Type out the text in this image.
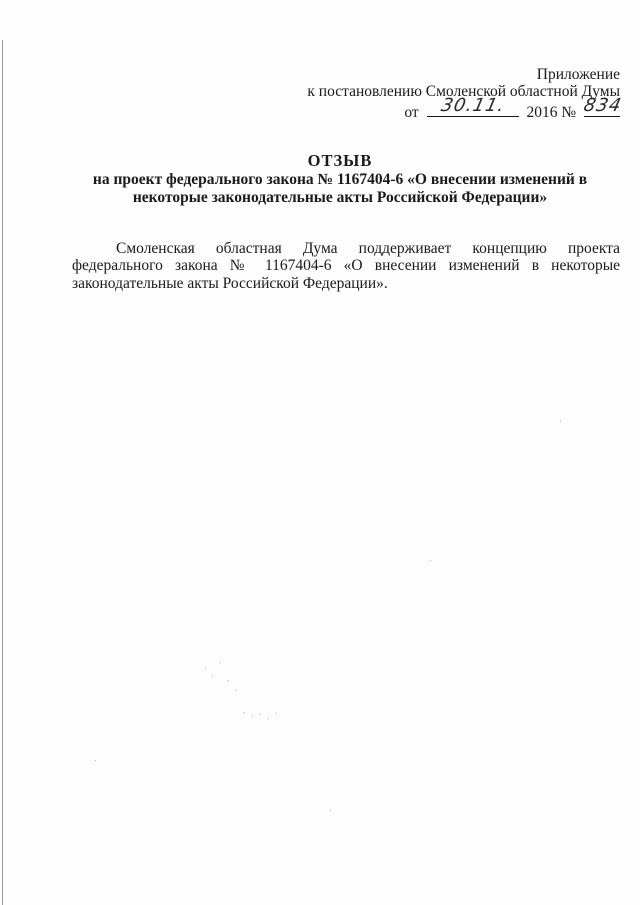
Приложение
к постановлению Смоленской областной Думы
от	30.11.	2016 № 834
ОТЗЫВ
на проект федерального закона № 1167404-6 «О внесении изменений в
некоторые законодательные акты Российской Федерации»

Смоленская областная Дума поддерживает концепцию проекта федерального закона № 1167404-6 «О внесении изменений в некоторые законодательные акты Российской Федерации».
